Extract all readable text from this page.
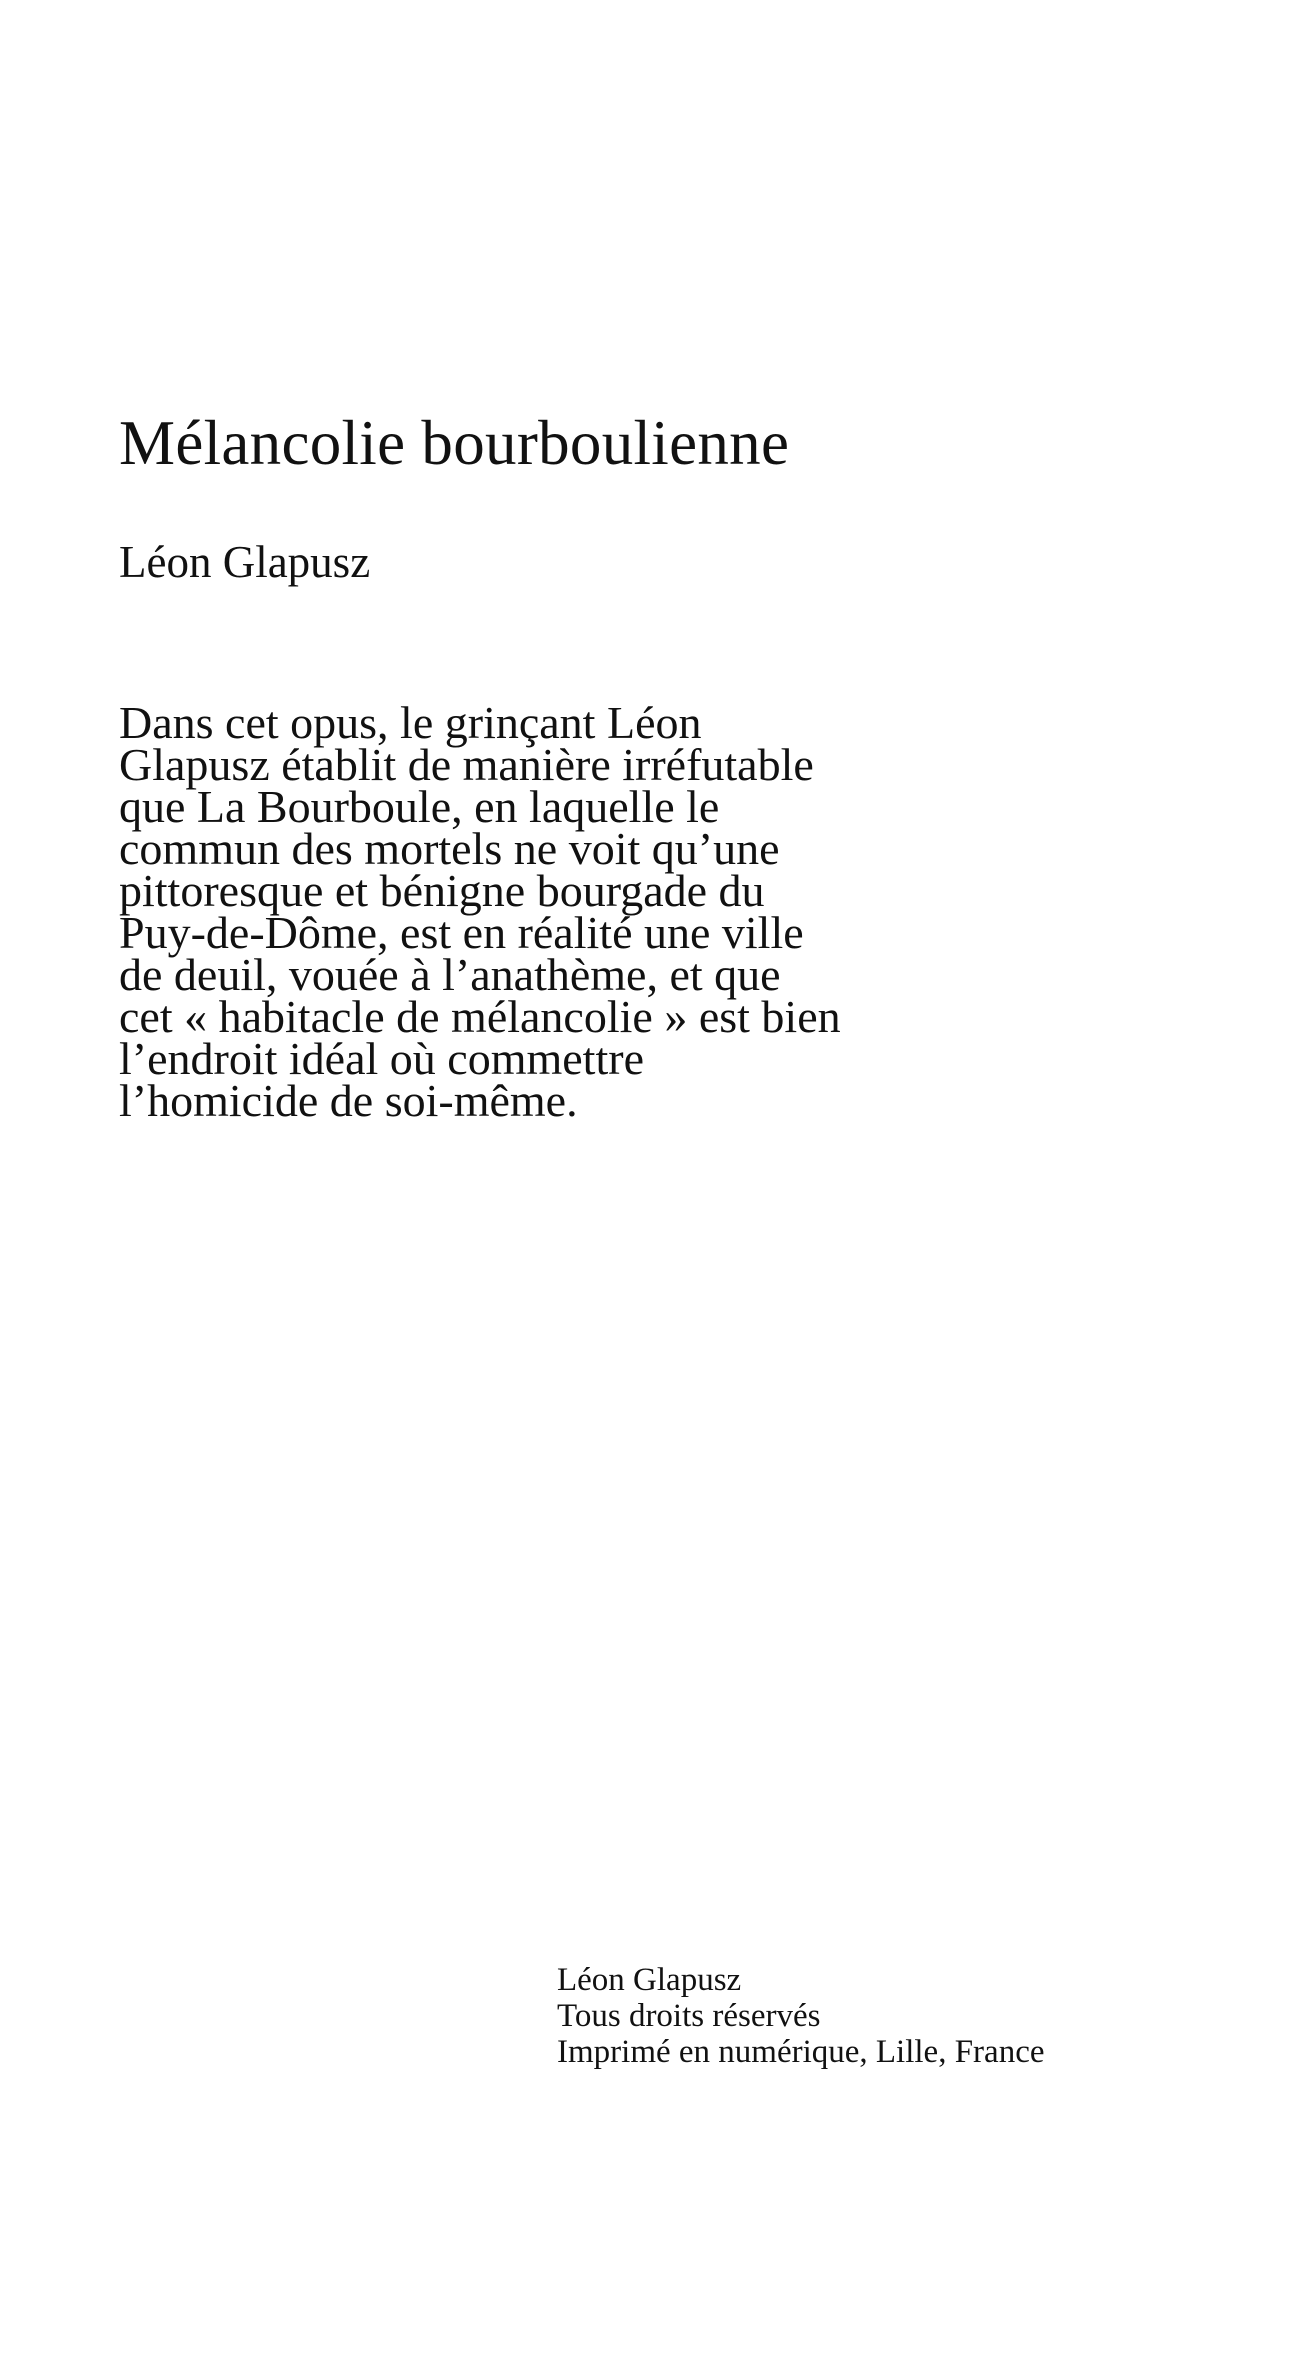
Mélancolie bourboulienne
Léon Glapusz

Dans cet opus, le grinçant Léon
Glapusz établit de manière irréfutable
que La Bourboule, en laquelle le
commun des mortels ne voit qu’une
pittoresque et bénigne bourgade du
Puy-de-Dôme, est en réalité une ville
de deuil, vouée à l’anathème, et que
cet « habitacle de mélancolie » est bien
l’endroit idéal où commettre
l’homicide de soi-même.

Léon Glapusz
Tous droits réservés
Imprimé en numérique, Lille, France
